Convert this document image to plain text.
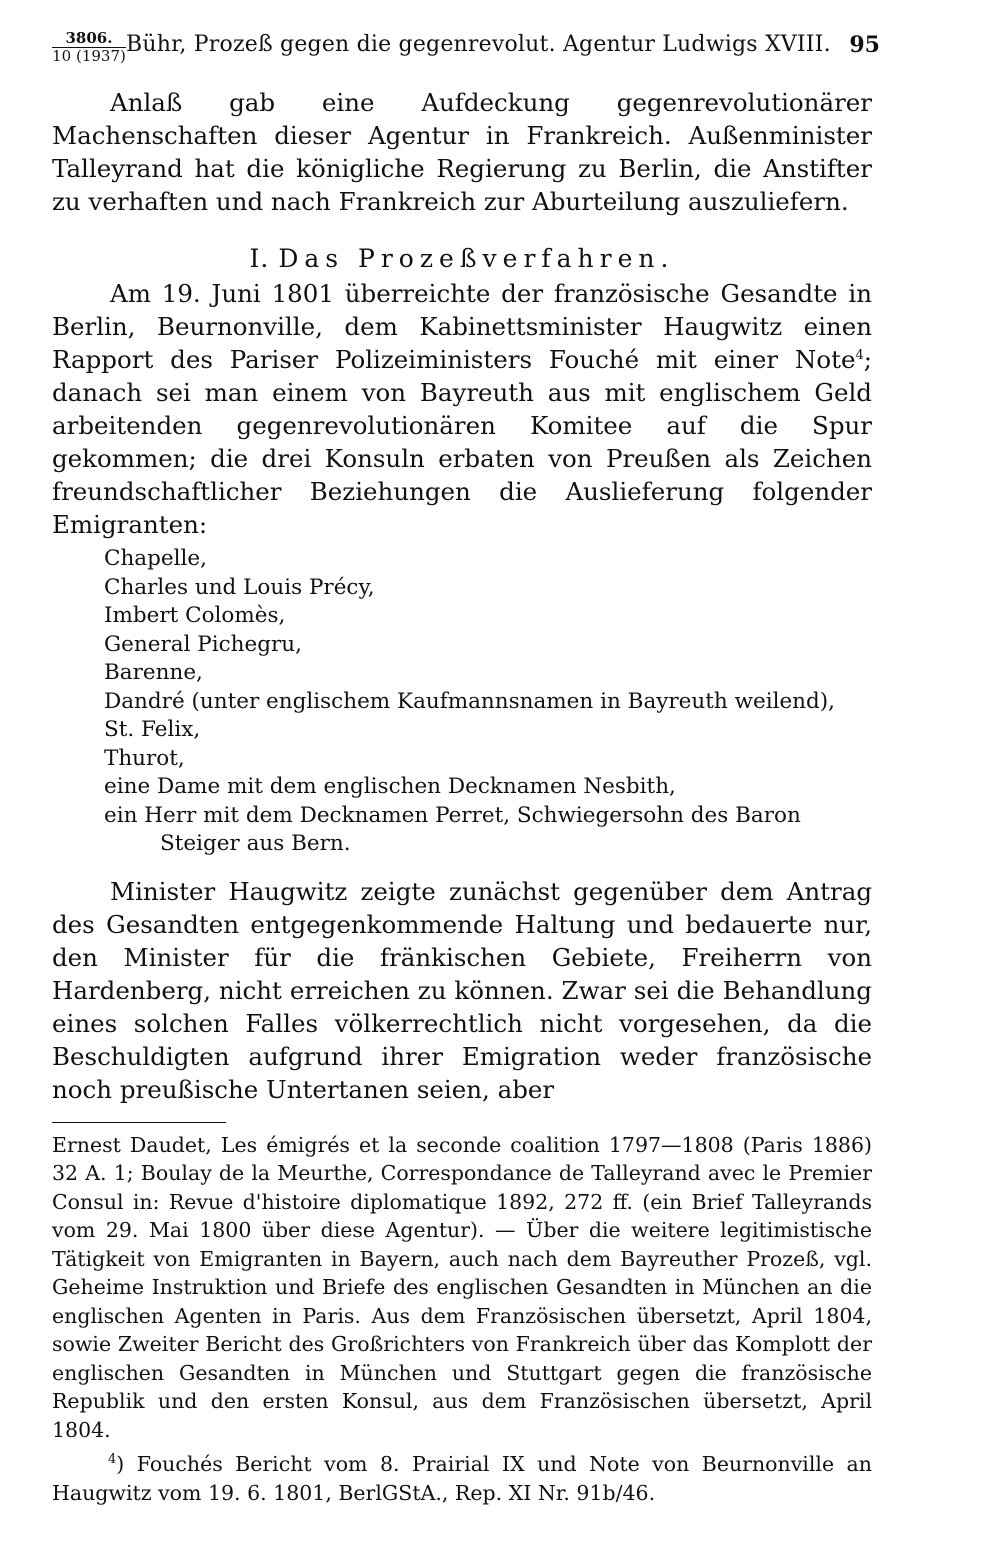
3806.
10 (1937) Bühr, Prozeß gegen die gegenrevolut. Agentur Ludwigs XVIII. 95

Anlaß gab eine Aufdeckung gegenrevolutionärer Machenschaften dieser Agentur in Frankreich. Außenminister Talleyrand hat die königliche Regierung zu Berlin, die Anstifter zu verhaften und nach Frankreich zur Aburteilung auszuliefern.

I. Das Prozeßverfahren.

Am 19. Juni 1801 überreichte der französische Gesandte in Berlin, Beurnonville, dem Kabinettsminister Haugwitz einen Rapport des Pariser Polizeiministers Fouché mit einer Note$^4$; danach sei man einem von Bayreuth aus mit englischem Geld arbeitenden gegenrevolutionären Komitee auf die Spur gekommen; die drei Konsuln erbaten von Preußen als Zeichen freundschaftlicher Beziehungen die Auslieferung folgender Emigranten:

Chapelle,
Charles und Louis Précy,
Imbert Colomès,
General Pichegru,
Barenne,
Dandré (unter englischem Kaufmannsnamen in Bayreuth weilend),
St. Felix,
Thurot,
eine Dame mit dem englischen Decknamen Nesbith,
ein Herr mit dem Decknamen Perret, Schwiegersohn des Baron Steiger aus Bern.

Minister Haugwitz zeigte zunächst gegenüber dem Antrag des Gesandten entgegenkommende Haltung und bedauerte nur, den Minister für die fränkischen Gebiete, Freiherrn von Hardenberg, nicht erreichen zu können. Zwar sei die Behandlung eines solchen Falles völkerrechtlich nicht vorgesehen, da die Beschuldigten aufgrund ihrer Emigration weder französische noch preußische Untertanen seien, aber

Ernest Daudet, Les émigrés et la seconde coalition 1797—1808 (Paris 1886) 32 A. 1; Boulay de la Meurthe, Correspondance de Talleyrand avec le Premier Consul in: Revue d'histoire diplomatique 1892, 272 ff. (ein Brief Talleyrands vom 29. Mai 1800 über diese Agentur). — Über die weitere legitimistische Tätigkeit von Emigranten in Bayern, auch nach dem Bayreuther Prozeß, vgl. Geheime Instruktion und Briefe des englischen Gesandten in München an die englischen Agenten in Paris. Aus dem Französischen übersetzt, April 1804, sowie Zweiter Bericht des Großrichters von Frankreich über das Komplott der englischen Gesandten in München und Stuttgart gegen die französische Republik und den ersten Konsul, aus dem Französischen übersetzt, April 1804.

$^4$) Fouchés Bericht vom 8. Prairial IX und Note von Beurnonville an Haugwitz vom 19. 6. 1801, BerlGStA., Rep. XI Nr. 91b/46.
